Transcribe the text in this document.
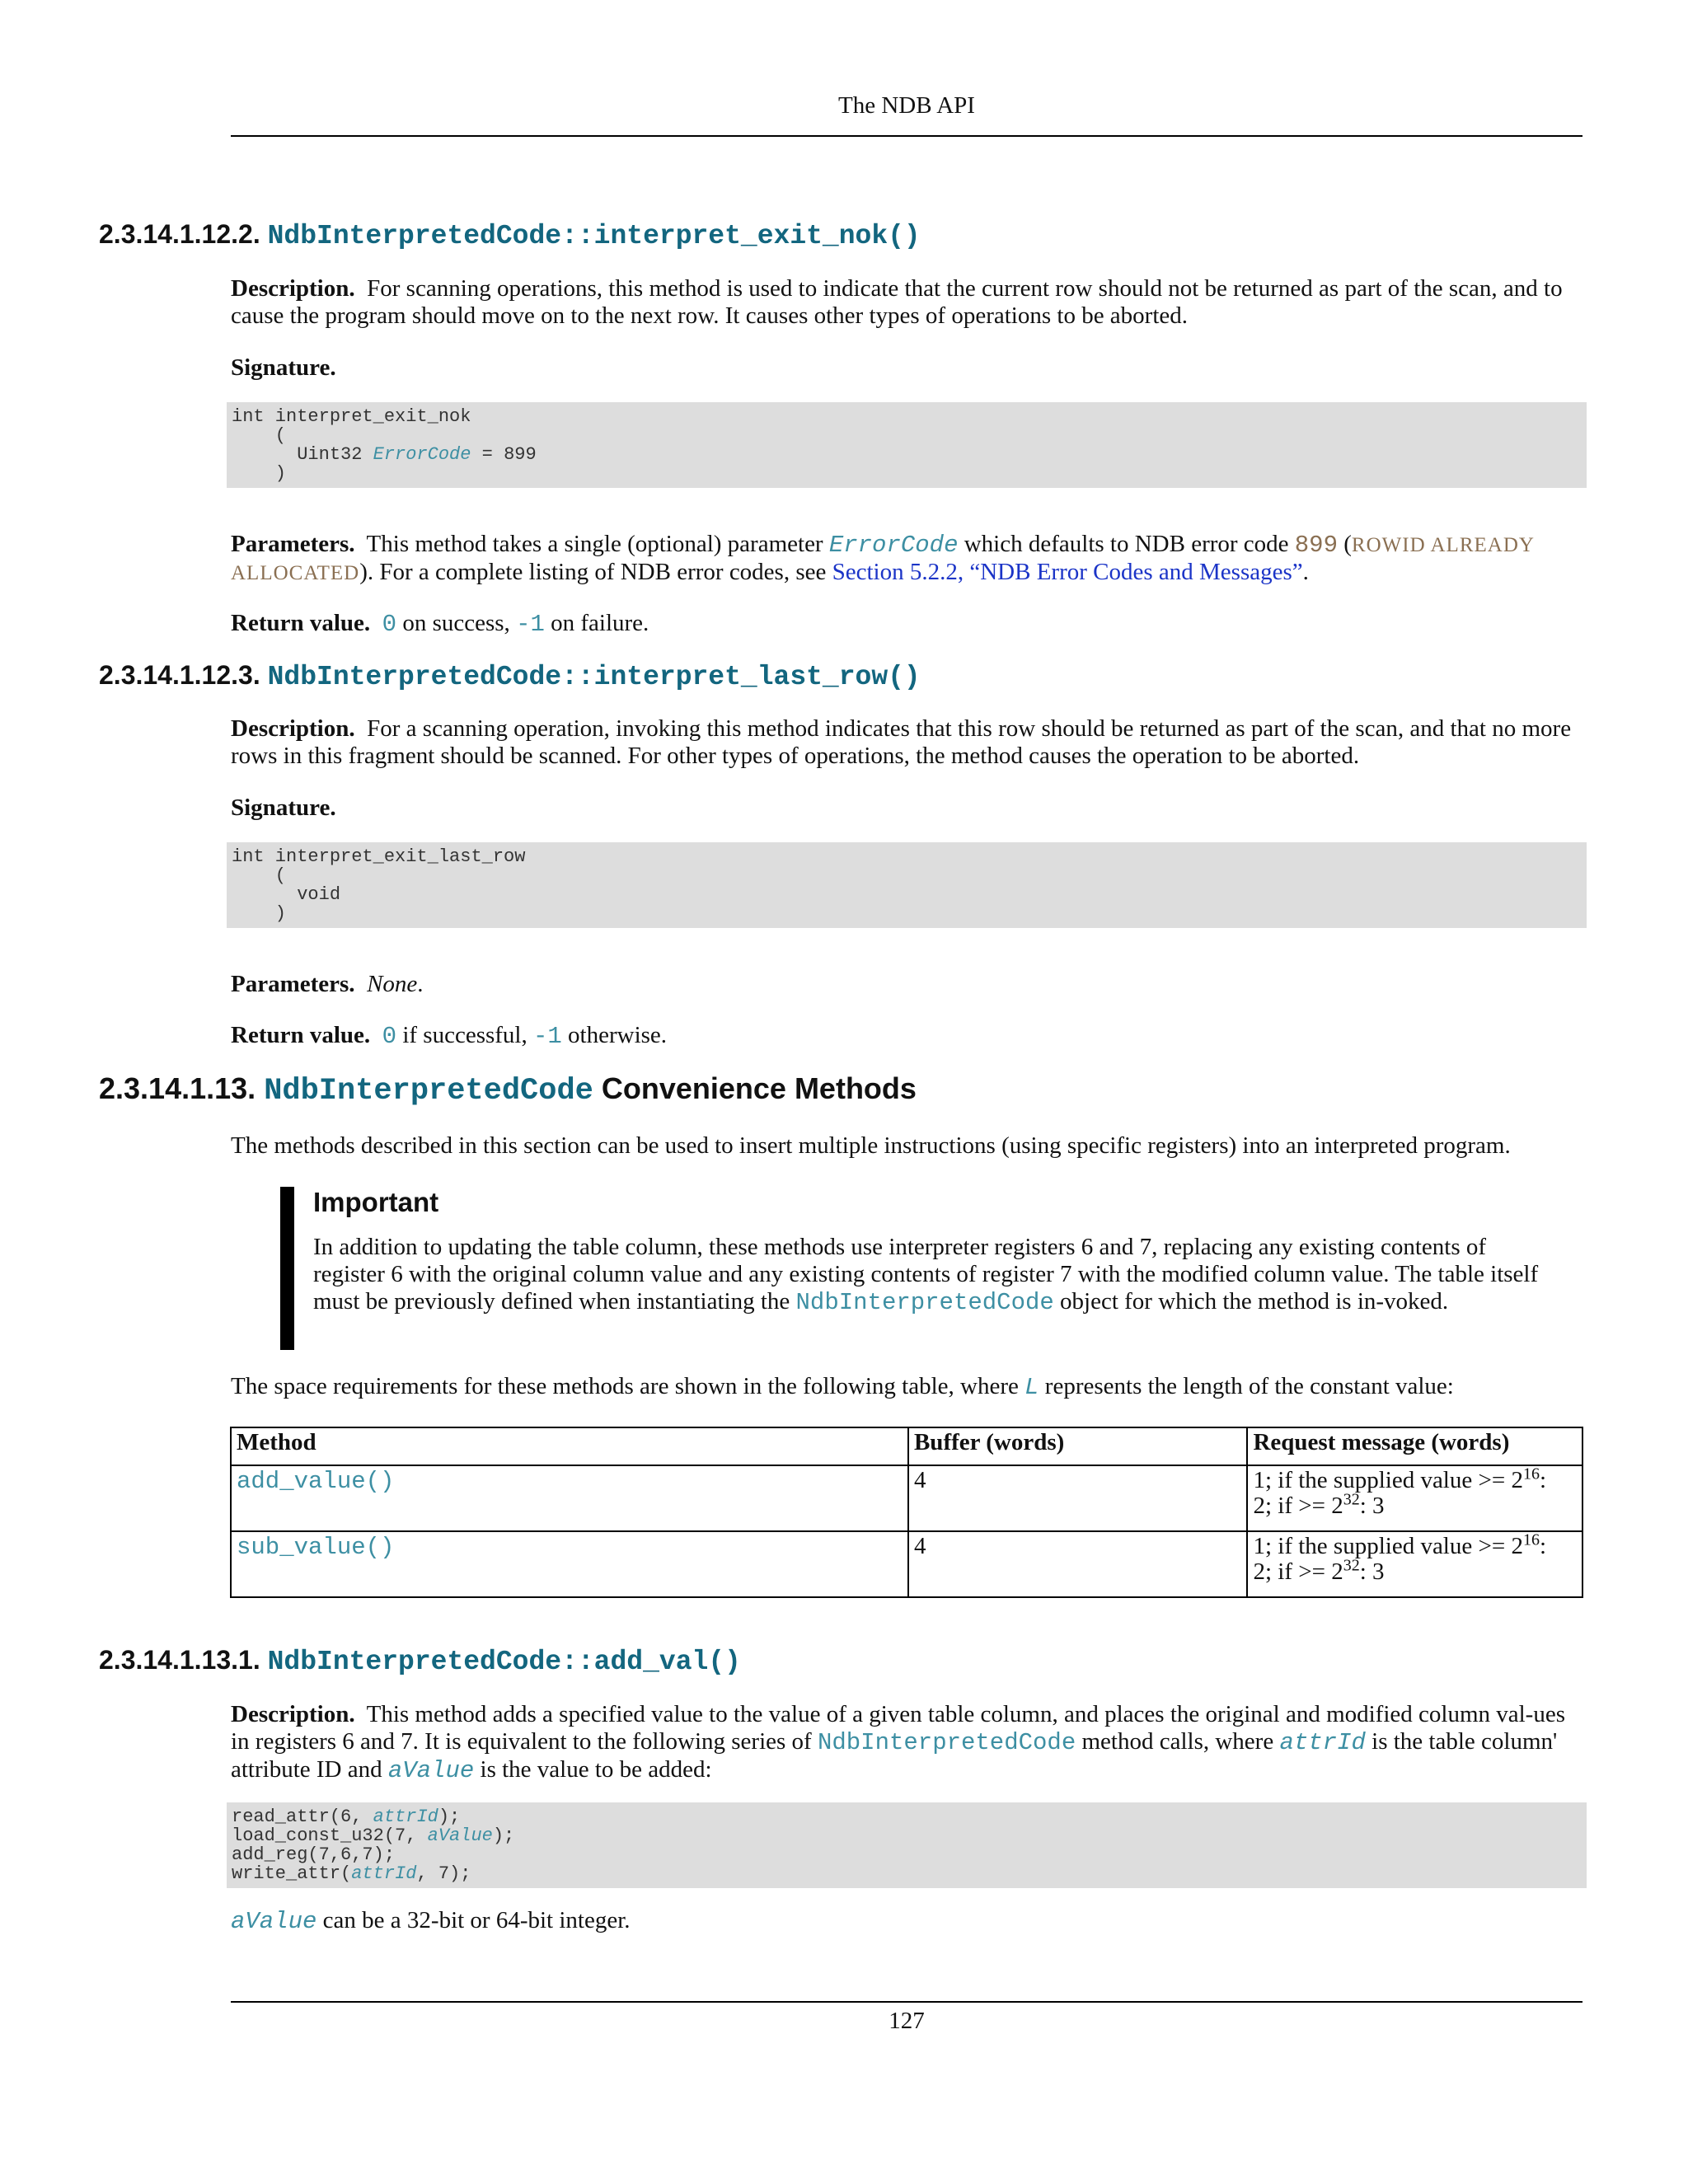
The NDB API
2.3.14.1.12.2. NdbInterpretedCode::interpret_exit_nok()
Description. For scanning operations, this method is used to indicate that the current row should not be returned as part of the scan, and to cause the program should move on to the next row. It causes other types of operations to be aborted.
Signature.
int interpret_exit_nok
(
Uint32 ErrorCode = 899
)
Parameters. This method takes a single (optional) parameter ErrorCode which defaults to NDB error code 899 (ROWID ALREADY ALLOCATED). For a complete listing of NDB error codes, see Section 5.2.2, “NDB Error Codes and Messages”.
Return value. 0 on success, -1 on failure.
2.3.14.1.12.3. NdbInterpretedCode::interpret_last_row()
Description. For a scanning operation, invoking this method indicates that this row should be returned as part of the scan, and that no more rows in this fragment should be scanned. For other types of operations, the method causes the operation to be aborted.
Signature.
int interpret_exit_last_row
(
void
)
Parameters. None.
Return value. 0 if successful, -1 otherwise.
2.3.14.1.13. NdbInterpretedCode Convenience Methods
The methods described in this section can be used to insert multiple instructions (using specific registers) into an interpreted program.
Important
In addition to updating the table column, these methods use interpreter registers 6 and 7, replacing any existing contents of register 6 with the original column value and any existing contents of register 7 with the modified column value. The table itself must be previously defined when instantiating the NdbInterpretedCode object for which the method is in-voked.
The space requirements for these methods are shown in the following table, where L represents the length of the constant value:
Method	Buffer (words)	Request message (words)
add_value()	4	1; if the supplied value >= $2^{16}$:
2; if >= $2^{32}$: 3
sub_value()	4	1; if the supplied value >= $2^{16}$:
2; if >= $2^{32}$: 3
2.3.14.1.13.1. NdbInterpretedCode::add_val()
Description. This method adds a specified value to the value of a given table column, and places the original and modified column val-ues in registers 6 and 7. It is equivalent to the following series of NdbInterpretedCode method calls, where attrId is the table column' attribute ID and aValue is the value to be added:
read_attr(6, attrId);
load_const_u32(7, aValue);
add_reg(7,6,7);
write_attr(attrId, 7);
aValue can be a 32-bit or 64-bit integer.
127
